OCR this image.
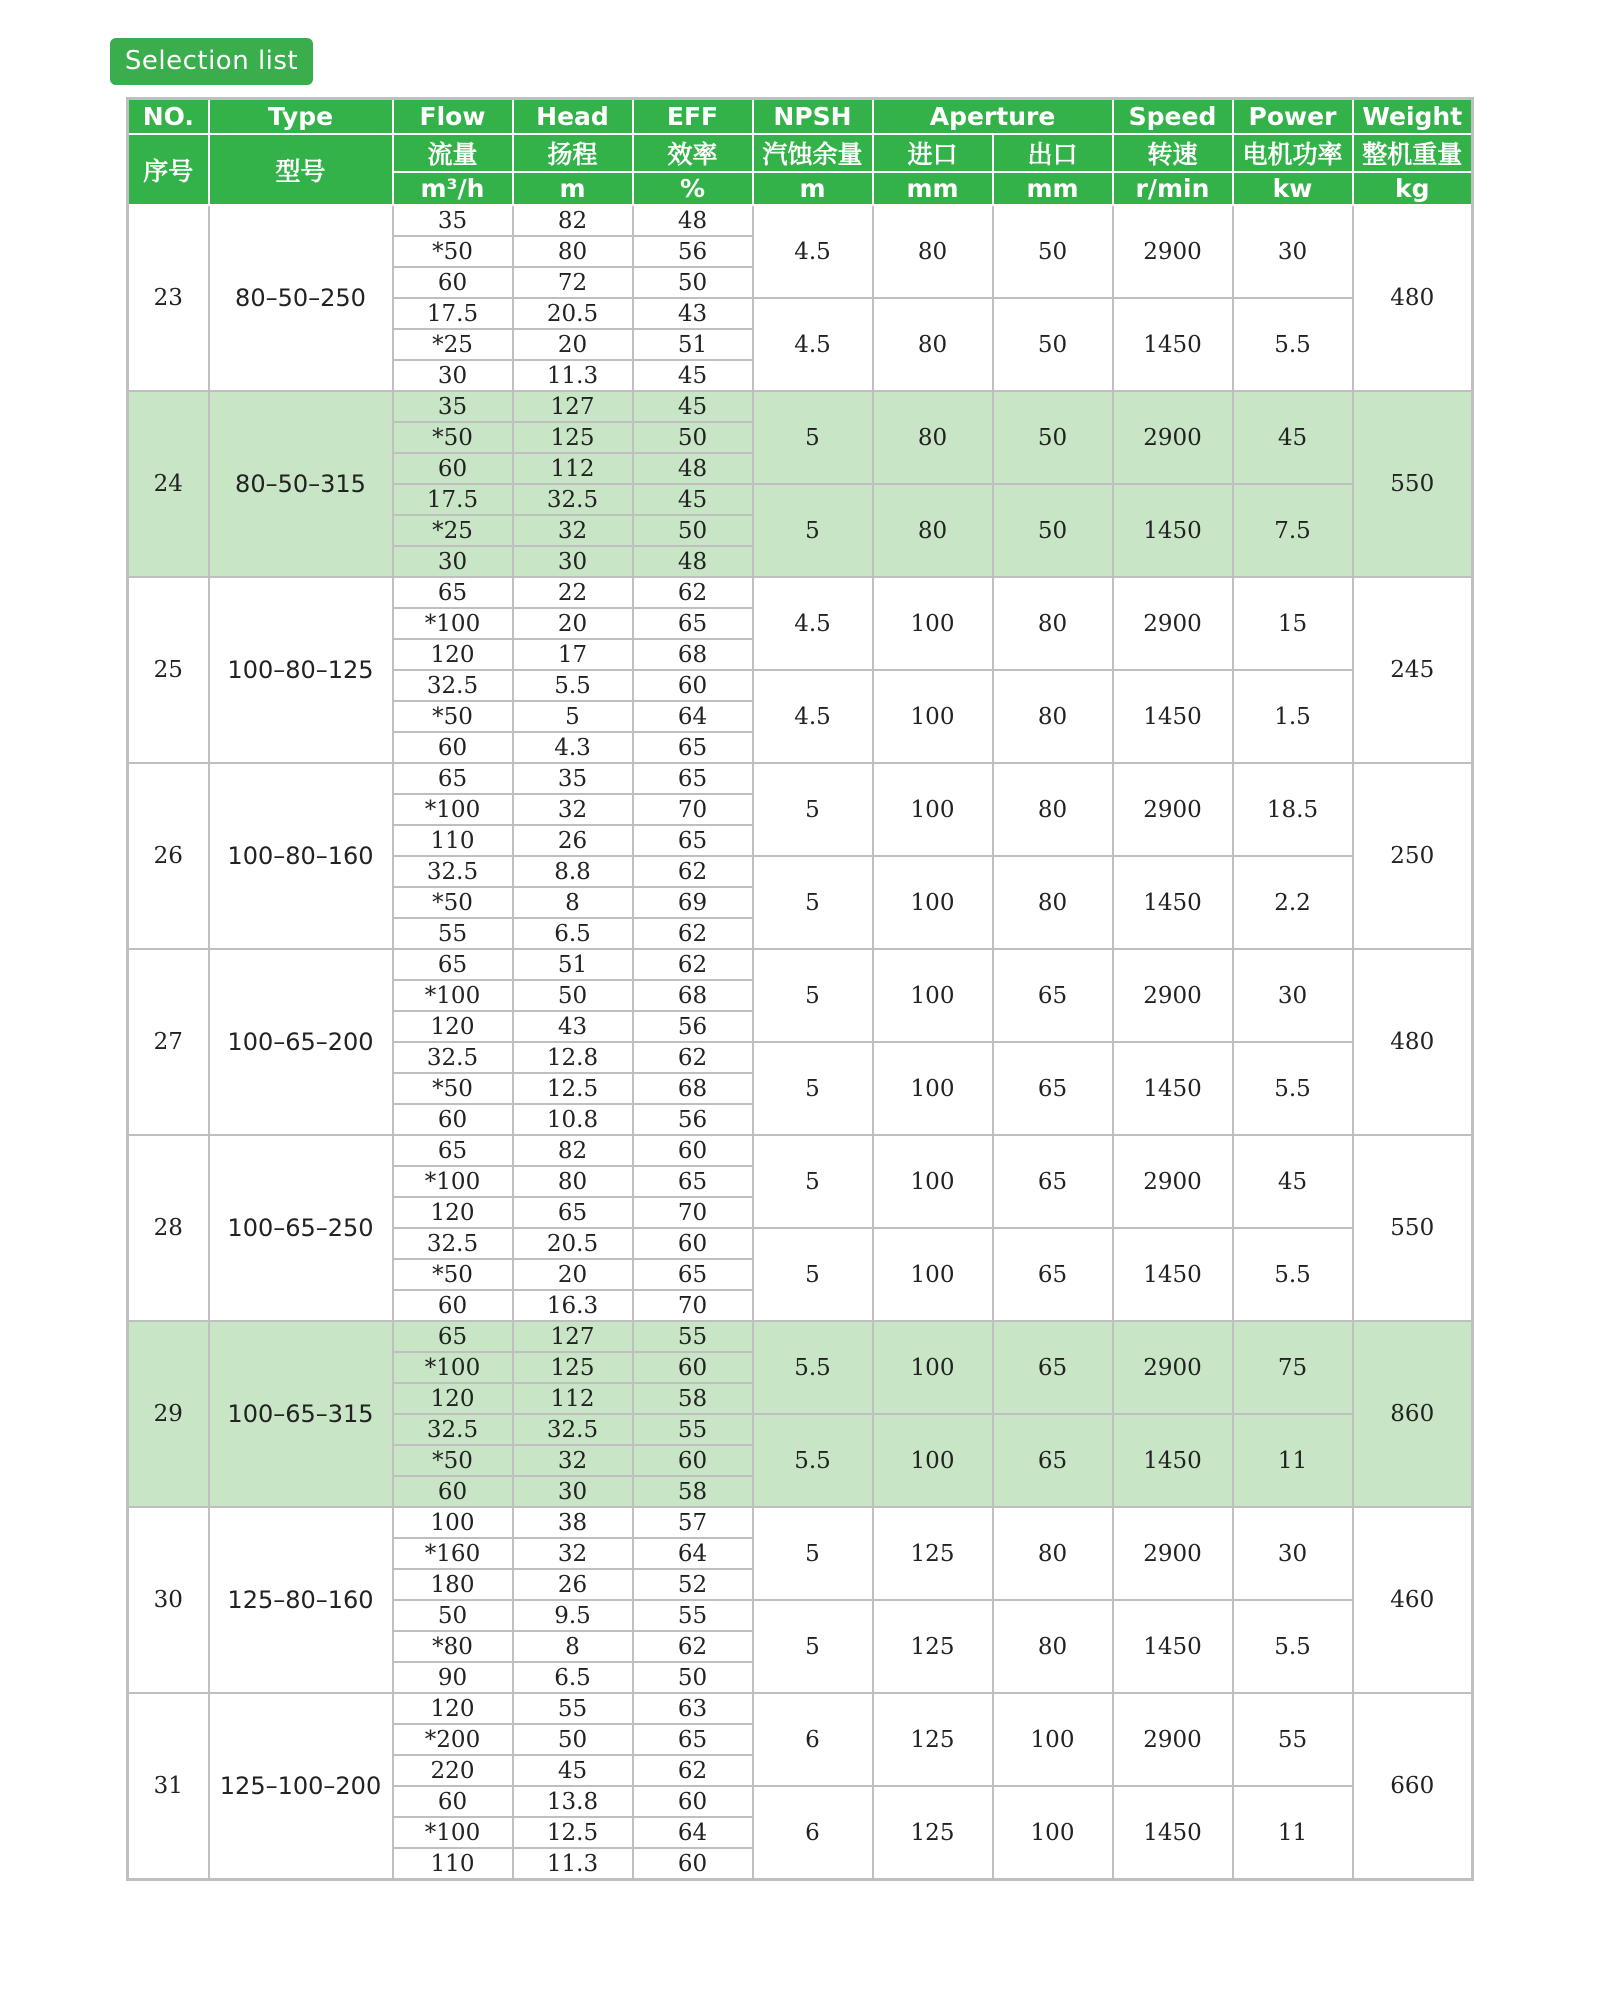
Selection list
NO.	Type	Flow	Head	EFF	NPSH	Aperture		Speed	Power	Weight
序号	型号	流量	扬程	效率	汽蚀余量	进口	出口	转速	电机功率	整机重量
		m³/h	m	%	m	mm	mm	r/min	kw	kg
23	80–50–250	35	82	48	4.5	80	50	2900	30	480
		*50	80	56						
		60	72	50						
		17.5	20.5	43	4.5	80	50	1450	5.5	
		*25	20	51						
		30	11.3	45						
24	80–50–315	35	127	45	5	80	50	2900	45	550
		*50	125	50						
		60	112	48						
		17.5	32.5	45	5	80	50	1450	7.5	
		*25	32	50						
		30	30	48						
25	100–80–125	65	22	62	4.5	100	80	2900	15	245
		*100	20	65						
		120	17	68						
		32.5	5.5	60	4.5	100	80	1450	1.5	
		*50	5	64						
		60	4.3	65						
26	100–80–160	65	35	65	5	100	80	2900	18.5	250
		*100	32	70						
		110	26	65						
		32.5	8.8	62	5	100	80	1450	2.2	
		*50	8	69						
		55	6.5	62						
27	100–65–200	65	51	62	5	100	65	2900	30	480
		*100	50	68						
		120	43	56						
		32.5	12.8	62	5	100	65	1450	5.5	
		*50	12.5	68						
		60	10.8	56						
28	100–65–250	65	82	60	5	100	65	2900	45	550
		*100	80	65						
		120	65	70						
		32.5	20.5	60	5	100	65	1450	5.5	
		*50	20	65						
		60	16.3	70						
29	100–65–315	65	127	55	5.5	100	65	2900	75	860
		*100	125	60						
		120	112	58						
		32.5	32.5	55	5.5	100	65	1450	11	
		*50	32	60						
		60	30	58						
30	125–80–160	100	38	57	5	125	80	2900	30	460
		*160	32	64						
		180	26	52						
		50	9.5	55	5	125	80	1450	5.5	
		*80	8	62						
		90	6.5	50						
31	125–100–200	120	55	63	6	125	100	2900	55	660
		*200	50	65						
		220	45	62						
		60	13.8	60	6	125	100	1450	11	
		*100	12.5	64						
		110	11.3	60						
